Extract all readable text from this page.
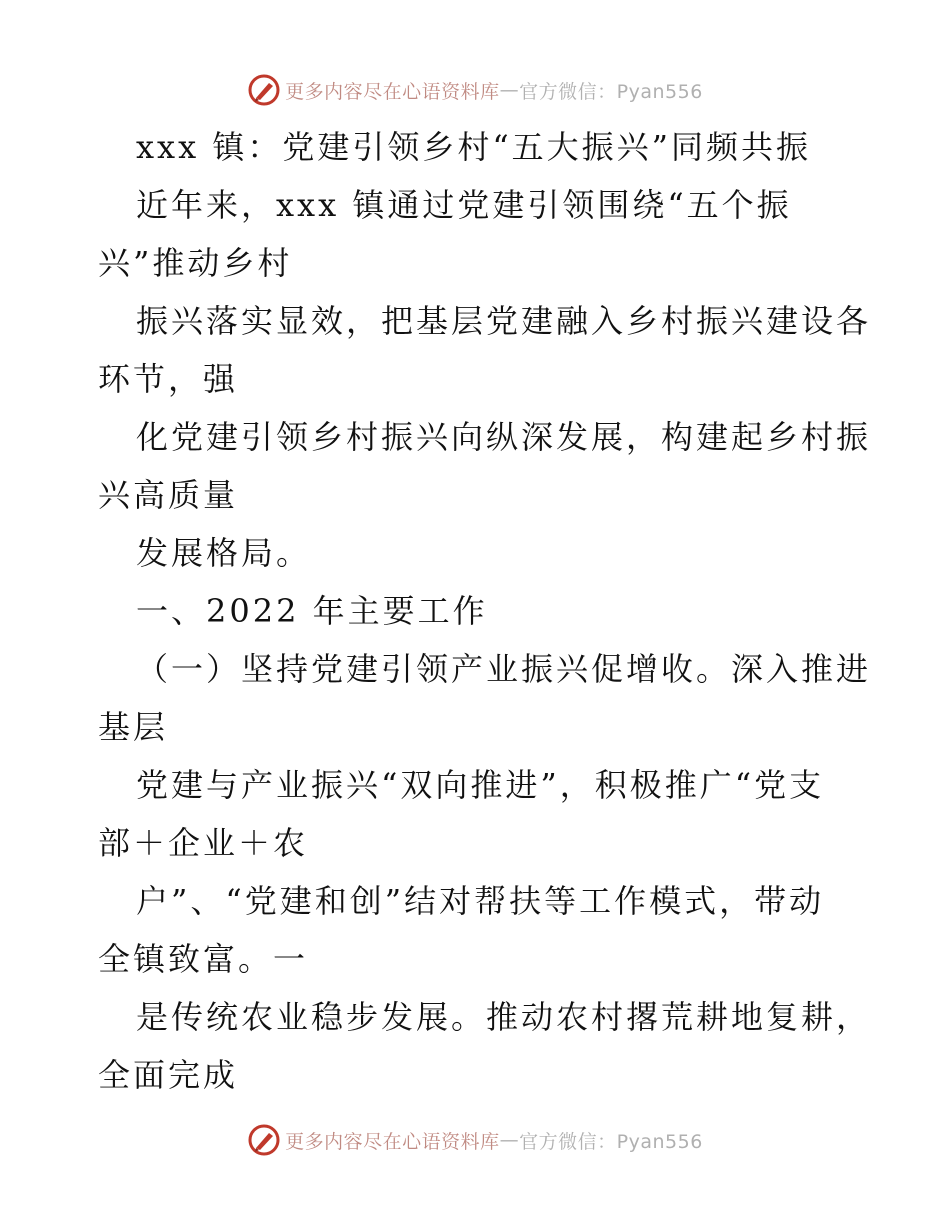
更多内容尽在心语资料库 — 官方微信：Pyan556
xxx 镇：党建引领乡村“五大振兴”同频共振
近年来，xxx 镇通过党建引领围绕“五个振
兴”推动乡村
振兴落实显效，把基层党建融入乡村振兴建设各
环节，强
化党建引领乡村振兴向纵深发展，构建起乡村振
兴高质量
发展格局。
一、2022 年主要工作
（一）坚持党建引领产业振兴促增收。深入推进
基层
党建与产业振兴“双向推进”，积极推广“党支
部＋企业＋农
户”、“党建和创”结对帮扶等工作模式，带动
全镇致富。一
是传统农业稳步发展。推动农村撂荒耕地复耕，
全面完成
更多内容尽在心语资料库 — 官方微信：Pyan556
